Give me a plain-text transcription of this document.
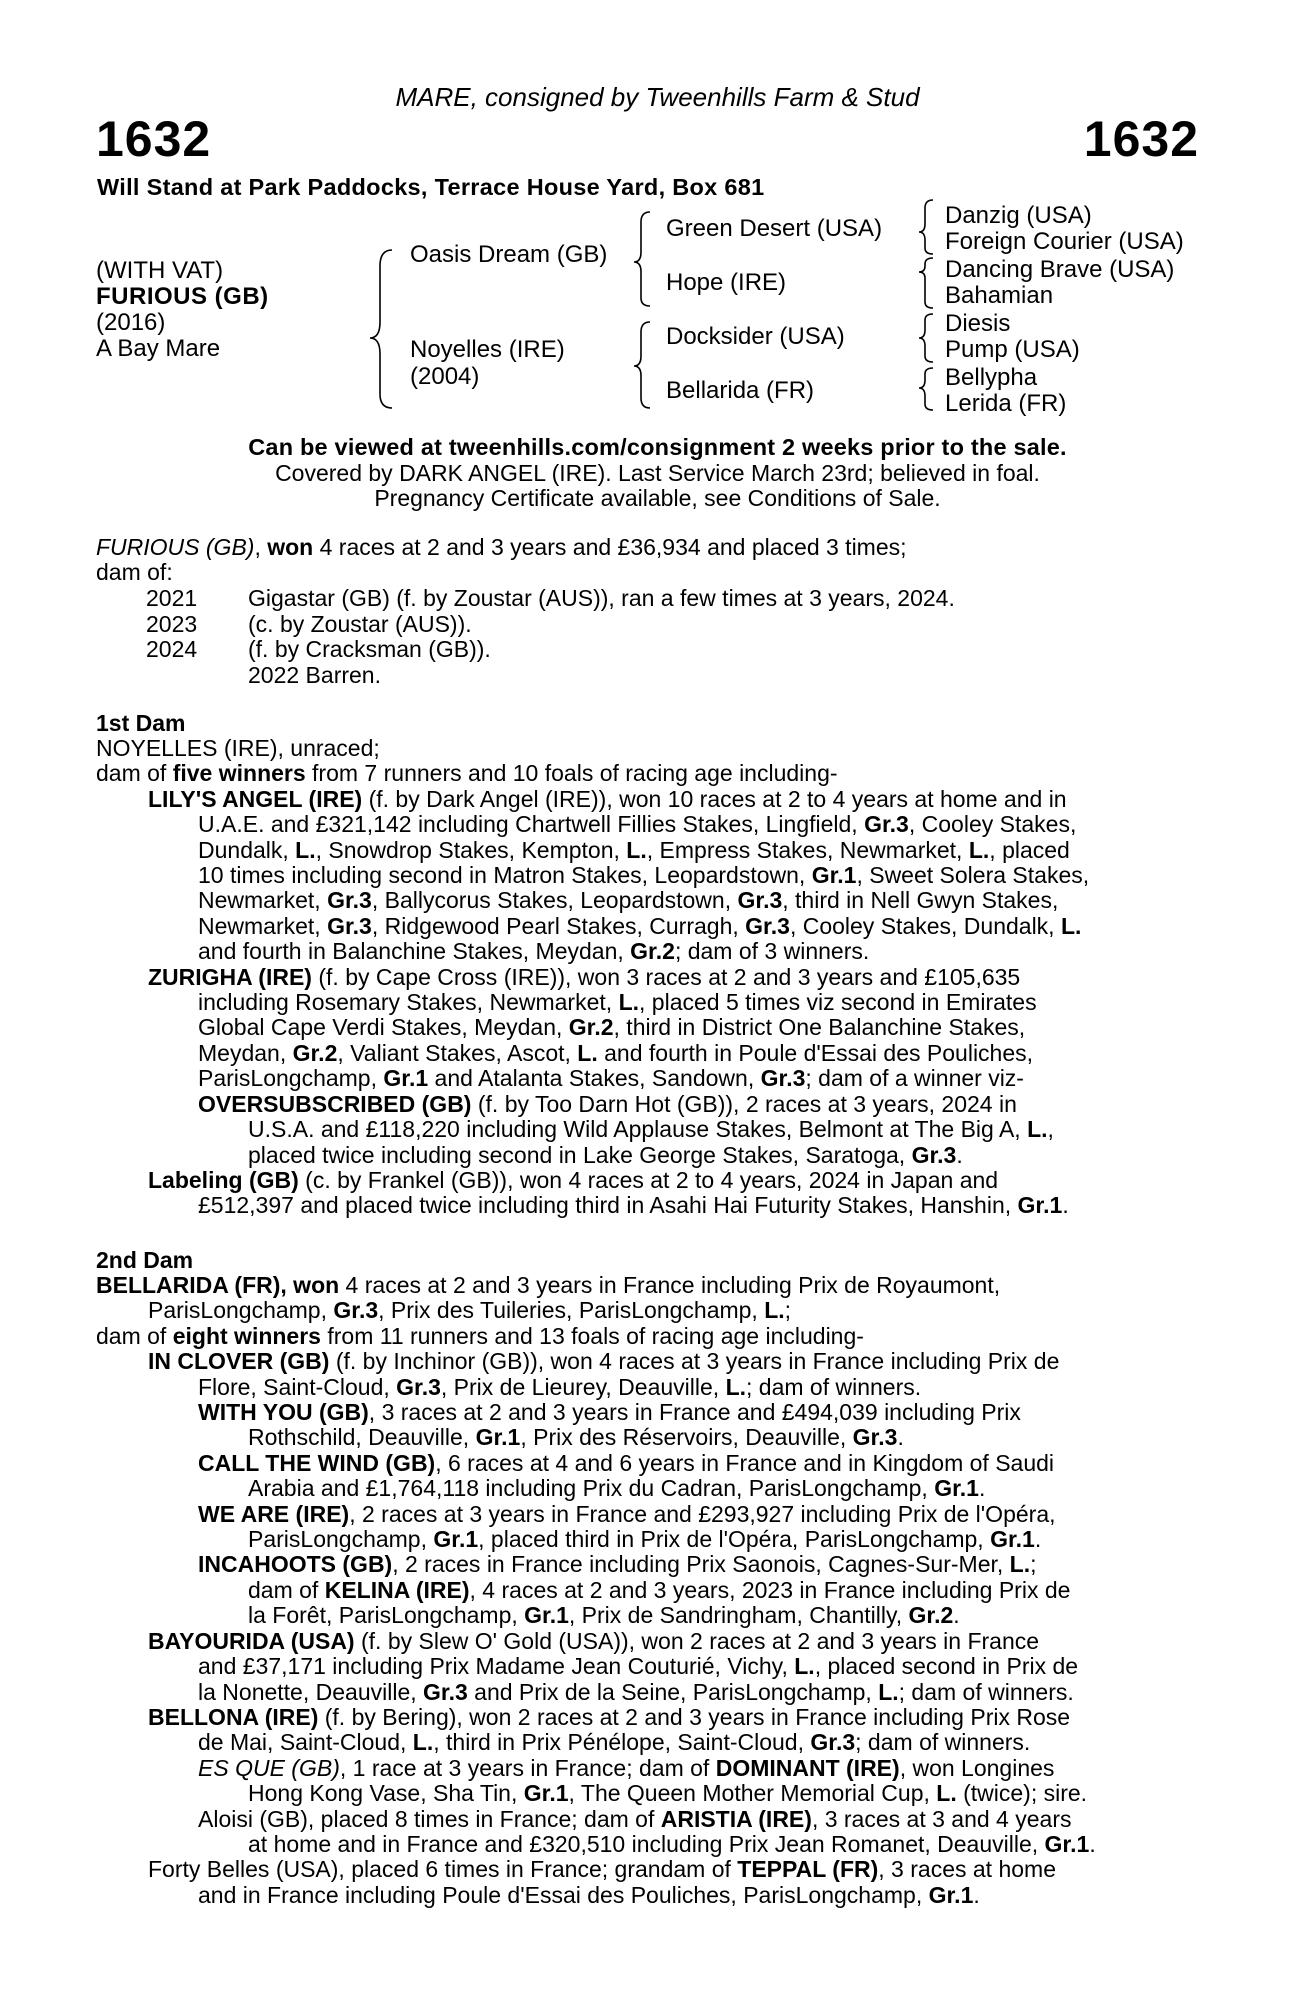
MARE, consigned by Tweenhills Farm & Stud
1632	1632
Will Stand at Park Paddocks, Terrace House Yard, Box 681
(WITH VAT)
FURIOUS (GB)
(2016)
A Bay Mare
Oasis Dream (GB)
Noyelles (IRE)
(2004)
Green Desert (USA)
Hope (IRE)
Docksider (USA)
Bellarida (FR)
Danzig (USA)
Foreign Courier (USA)
Dancing Brave (USA)
Bahamian
Diesis
Pump (USA)
Bellypha
Lerida (FR)
Can be viewed at tweenhills.com/consignment 2 weeks prior to the sale.
Covered by DARK ANGEL (IRE). Last Service March 23rd; believed in foal.
Pregnancy Certificate available, see Conditions of Sale.
FURIOUS (GB), won 4 races at 2 and 3 years and £36,934 and placed 3 times;
dam of:
2021 Gigastar (GB) (f. by Zoustar (AUS)), ran a few times at 3 years, 2024.
2023 (c. by Zoustar (AUS)).
2024 (f. by Cracksman (GB)).
2022 Barren.
1st Dam
NOYELLES (IRE), unraced;
dam of five winners from 7 runners and 10 foals of racing age including-
LILY'S ANGEL (IRE) (f. by Dark Angel (IRE)), won 10 races at 2 to 4 years at home and in
U.A.E. and £321,142 including Chartwell Fillies Stakes, Lingfield, Gr.3, Cooley Stakes,
Dundalk, L., Snowdrop Stakes, Kempton, L., Empress Stakes, Newmarket, L., placed
10 times including second in Matron Stakes, Leopardstown, Gr.1, Sweet Solera Stakes,
Newmarket, Gr.3, Ballycorus Stakes, Leopardstown, Gr.3, third in Nell Gwyn Stakes,
Newmarket, Gr.3, Ridgewood Pearl Stakes, Curragh, Gr.3, Cooley Stakes, Dundalk, L.
and fourth in Balanchine Stakes, Meydan, Gr.2; dam of 3 winners.
ZURIGHA (IRE) (f. by Cape Cross (IRE)), won 3 races at 2 and 3 years and £105,635
including Rosemary Stakes, Newmarket, L., placed 5 times viz second in Emirates
Global Cape Verdi Stakes, Meydan, Gr.2, third in District One Balanchine Stakes,
Meydan, Gr.2, Valiant Stakes, Ascot, L. and fourth in Poule d'Essai des Pouliches,
ParisLongchamp, Gr.1 and Atalanta Stakes, Sandown, Gr.3; dam of a winner viz-
OVERSUBSCRIBED (GB) (f. by Too Darn Hot (GB)), 2 races at 3 years, 2024 in
U.S.A. and £118,220 including Wild Applause Stakes, Belmont at The Big A, L.,
placed twice including second in Lake George Stakes, Saratoga, Gr.3.
Labeling (GB) (c. by Frankel (GB)), won 4 races at 2 to 4 years, 2024 in Japan and
£512,397 and placed twice including third in Asahi Hai Futurity Stakes, Hanshin, Gr.1.
2nd Dam
BELLARIDA (FR), won 4 races at 2 and 3 years in France including Prix de Royaumont,
ParisLongchamp, Gr.3, Prix des Tuileries, ParisLongchamp, L.;
dam of eight winners from 11 runners and 13 foals of racing age including-
IN CLOVER (GB) (f. by Inchinor (GB)), won 4 races at 3 years in France including Prix de
Flore, Saint-Cloud, Gr.3, Prix de Lieurey, Deauville, L.; dam of winners.
WITH YOU (GB), 3 races at 2 and 3 years in France and £494,039 including Prix
Rothschild, Deauville, Gr.1, Prix des Réservoirs, Deauville, Gr.3.
CALL THE WIND (GB), 6 races at 4 and 6 years in France and in Kingdom of Saudi
Arabia and £1,764,118 including Prix du Cadran, ParisLongchamp, Gr.1.
WE ARE (IRE), 2 races at 3 years in France and £293,927 including Prix de l'Opéra,
ParisLongchamp, Gr.1, placed third in Prix de l'Opéra, ParisLongchamp, Gr.1.
INCAHOOTS (GB), 2 races in France including Prix Saonois, Cagnes-Sur-Mer, L.;
dam of KELINA (IRE), 4 races at 2 and 3 years, 2023 in France including Prix de
la Forêt, ParisLongchamp, Gr.1, Prix de Sandringham, Chantilly, Gr.2.
BAYOURIDA (USA) (f. by Slew O' Gold (USA)), won 2 races at 2 and 3 years in France
and £37,171 including Prix Madame Jean Couturié, Vichy, L., placed second in Prix de
la Nonette, Deauville, Gr.3 and Prix de la Seine, ParisLongchamp, L.; dam of winners.
BELLONA (IRE) (f. by Bering), won 2 races at 2 and 3 years in France including Prix Rose
de Mai, Saint-Cloud, L., third in Prix Pénélope, Saint-Cloud, Gr.3; dam of winners.
ES QUE (GB), 1 race at 3 years in France; dam of DOMINANT (IRE), won Longines
Hong Kong Vase, Sha Tin, Gr.1, The Queen Mother Memorial Cup, L. (twice); sire.
Aloisi (GB), placed 8 times in France; dam of ARISTIA (IRE), 3 races at 3 and 4 years
at home and in France and £320,510 including Prix Jean Romanet, Deauville, Gr.1.
Forty Belles (USA), placed 6 times in France; grandam of TEPPAL (FR), 3 races at home
and in France including Poule d'Essai des Pouliches, ParisLongchamp, Gr.1.
